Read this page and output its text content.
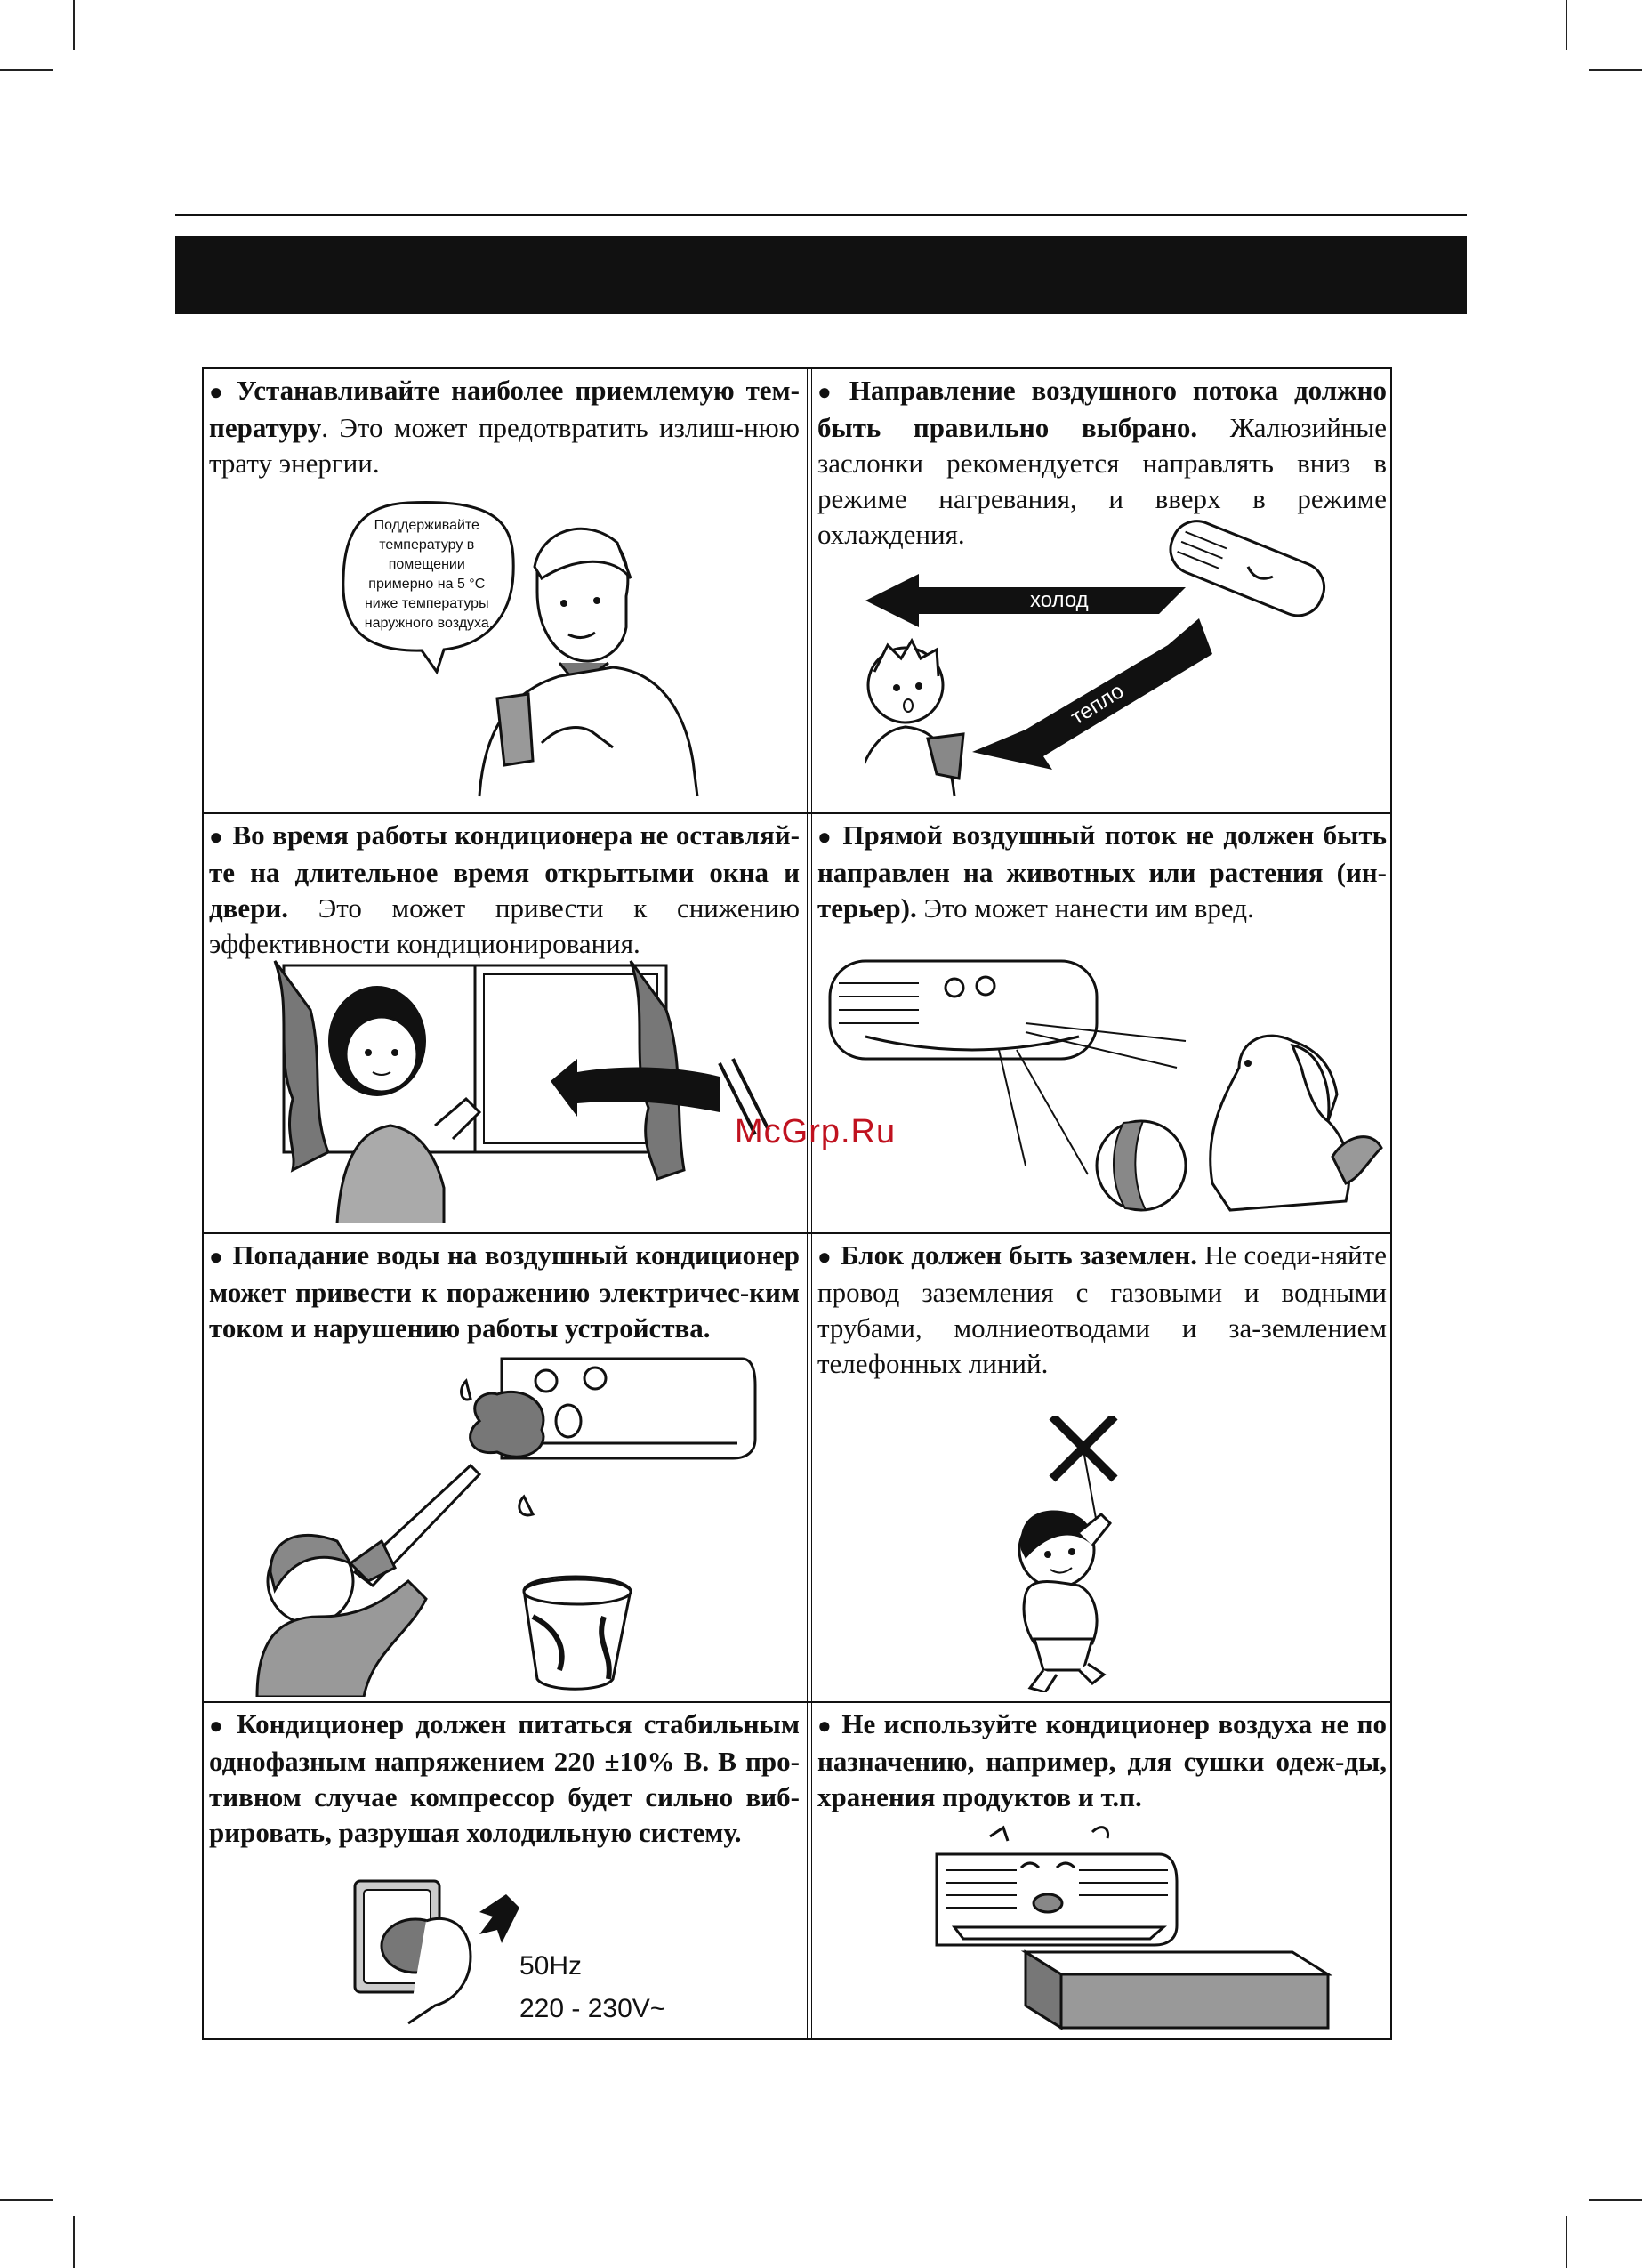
● Устанавливайте наиболее приемлемую тем-пературу. Это может предотвратить излиш-нюю трату энергии.
Поддерживайте температуру в помещении примерно на 5 °C ниже температуры наружного воздуха.
● Направление воздушного потока должно быть правильно выбрано. Жалюзийные заслонки рекомендуется направлять вниз в режиме нагревания, и вверх в режиме охлаждения.
холод
тепло
● Во время работы кондиционера не оставляй-те на длительное время открытыми окна и двери. Это может привести к снижению эффективности кондиционирования.
● Прямой воздушный поток не должен быть направлен на животных или растения (ин-терьер). Это может нанести им вред.
● Попадание воды на воздушный кондиционер может привести к поражению электричес-ким током и нарушению работы устройства.
● Блок должен быть заземлен. Не соеди-няйте провод заземления с газовыми и водными трубами, молниеотводами и за-землением телефонных линий.
● Кондиционер должен питаться стабильным однофазным напряжением 220 ±10% В. В про-тивном случае компрессор будет сильно виб-рировать, разрушая холодильную систему.
50Hz
220 - 230V~
● Не используйте кондиционер воздуха не по назначению, например, для сушки одеж-ды, хранения продуктов и т.п.
McGrp.Ru
